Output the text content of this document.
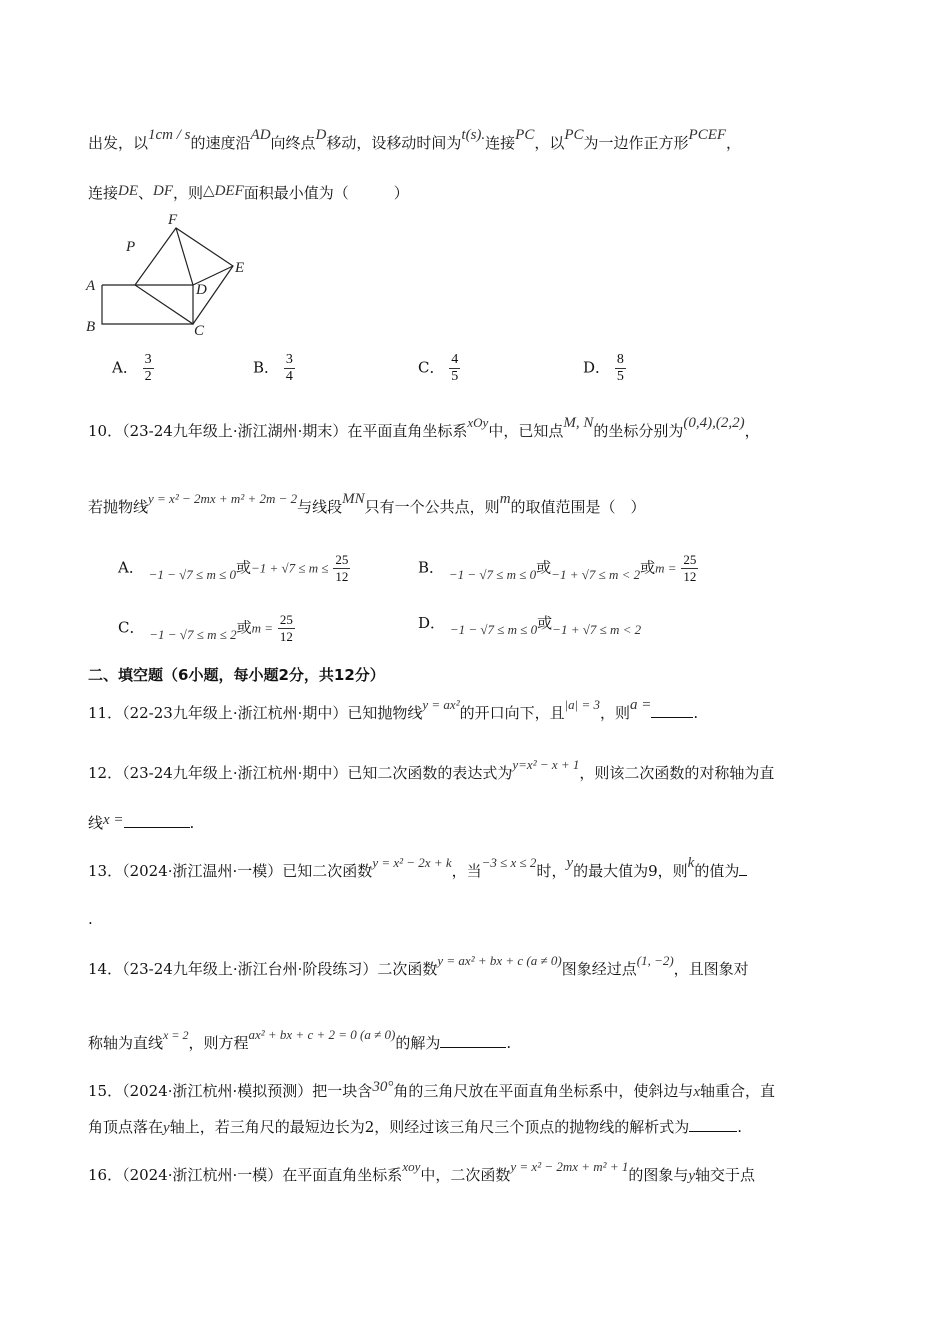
出发，以1cm / s的速度沿AD向终点D移动，设移动时间为t(s).连接PC，以PC为一边作正方形PCEF，
连接DE、DF，则△DEF面积最小值为（　　　）
F
P
E
A	D
B	C
A． $\frac{3}{2}$	B． $\frac{3}{4}$	C． $\frac{4}{5}$	D． $\frac{8}{5}$
10．（23-24九年级上·浙江湖州·期末）在平面直角坐标系xOy中，已知点M, N的坐标分别为(0,4),(2,2)，
若抛物线y = x² − 2mx + m² + 2m − 2与线段MN只有一个公共点，则m的取值范围是（　）
A． −1 − √7 ≤ m ≤ 0或$-1 + √7 \le m \le \frac{25}{12}$	B． −1 − √7 ≤ m ≤ 0或−1 + √7 ≤ m < 2或$m = \frac{25}{12}$
C． −1 − √7 ≤ m ≤ 2或$m = \frac{25}{12}$	D． −1 − √7 ≤ m ≤ 0或−1 + √7 ≤ m < 2
二、填空题（6小题，每小题2分，共12分）
11．（22-23九年级上·浙江杭州·期中）已知抛物线y = ax²的开口向下，且|a| = 3，则a =	.
12．（23-24九年级上·浙江杭州·期中）已知二次函数的表达式为y=x² − x + 1，则该二次函数的对称轴为直
线x =	.
13．（2024·浙江温州·一模）已知二次函数y = x² − 2x + k，当−3 ≤ x ≤ 2时，y的最大值为9，则k的值为
.
14．（23-24九年级上·浙江台州·阶段练习）二次函数y = ax² + bx + c (a ≠ 0)图象经过点(1, −2)，且图象对
称轴为直线$^{x = 2}$，则方程ax² + bx + c + 2 = 0 (a ≠ 0)的解为	.
15．（2024·浙江杭州·模拟预测）把一块含30°角的三角尺放在平面直角坐标系中，使斜边与x轴重合，直
角顶点落在y轴上，若三角尺的最短边长为2，则经过该三角尺三个顶点的抛物线的解析式为	.
16．（2024·浙江杭州·一模）在平面直角坐标系xoy中，二次函数y = x² − 2mx + m² + 1的图象与y轴交于点
